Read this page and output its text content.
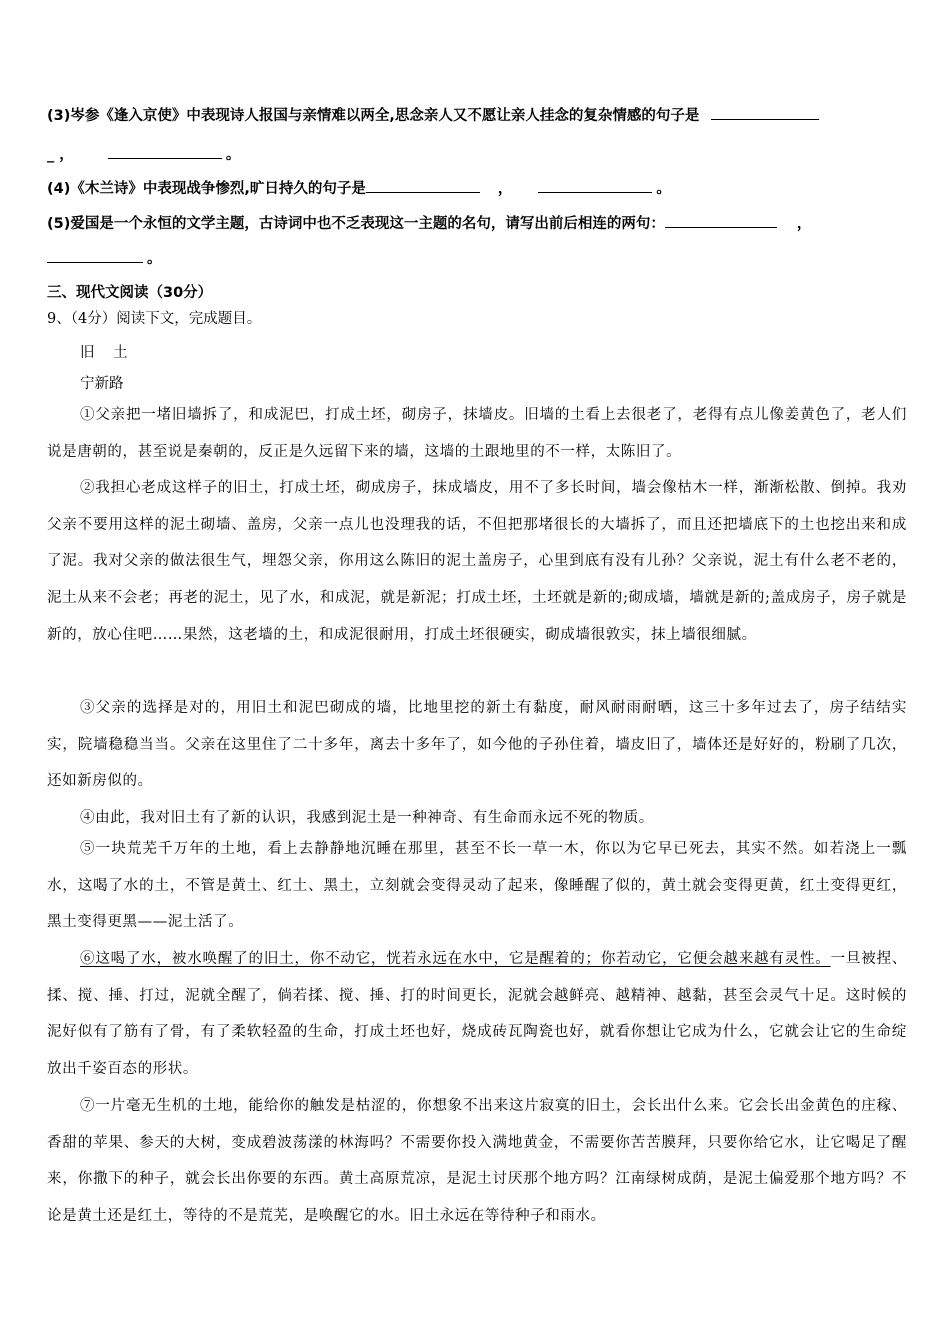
(3)岑参《逢入京使》中表现诗人报国与亲情难以两全,思念亲人又不愿让亲人挂念的复杂情感的句子是
_ ，	。
(4)《木兰诗》中表现战争惨烈,旷日持久的句子是	，	。
(5)爱国是一个永恒的文学主题，古诗词中也不乏表现这一主题的名句，请写出前后相连的两句：	，
。
三、现代文阅读（30分）
9、（4分）阅读下文，完成题目。
旧　土
宁新路

①父亲把一堵旧墙拆了，和成泥巴，打成土坯，砌房子，抹墙皮。旧墙的土看上去很老了，老得有点儿像姜黄色了，老人们说是唐朝的，甚至说是秦朝的，反正是久远留下来的墙，这墙的土跟地里的不一样，太陈旧了。

②我担心老成这样子的旧土，打成土坯，砌成房子，抹成墙皮，用不了多长时间，墙会像枯木一样，渐渐松散、倒掉。我劝父亲不要用这样的泥土砌墙、盖房，父亲一点儿也没理我的话，不但把那堵很长的大墙拆了，而且还把墙底下的土也挖出来和成了泥。我对父亲的做法很生气，埋怨父亲，你用这么陈旧的泥土盖房子，心里到底有没有儿孙？父亲说，泥土有什么老不老的，泥土从来不会老；再老的泥土，见了水，和成泥，就是新泥；打成土坯，土坯就是新的;砌成墙，墙就是新的;盖成房子，房子就是新的，放心住吧……果然，这老墙的土，和成泥很耐用，打成土坯很硬实，砌成墙很敦实，抹上墙很细腻。

③父亲的选择是对的，用旧土和泥巴砌成的墙，比地里挖的新土有黏度，耐风耐雨耐晒，这三十多年过去了，房子结结实实，院墙稳稳当当。父亲在这里住了二十多年，离去十多年了，如今他的子孙住着，墙皮旧了，墙体还是好好的，粉刷了几次，还如新房似的。

④由此，我对旧土有了新的认识，我感到泥土是一种神奇、有生命而永远不死的物质。

⑤一块荒芜千万年的土地，看上去静静地沉睡在那里，甚至不长一草一木，你以为它早已死去，其实不然。如若浇上一瓢水，这喝了水的土，不管是黄土、红土、黑土，立刻就会变得灵动了起来，像睡醒了似的，黄土就会变得更黄，红土变得更红，黑土变得更黑——泥土活了。

⑥这喝了水，被水唤醒了的旧土，你不动它，恍若永远在水中，它是醒着的；你若动它，它便会越来越有灵性。一旦被捏、揉、搅、捶、打过，泥就全醒了，倘若揉、搅、捶、打的时间更长，泥就会越鲜亮、越精神、越黏，甚至会灵气十足。这时候的泥好似有了筋有了骨，有了柔软轻盈的生命，打成土坯也好，烧成砖瓦陶瓷也好，就看你想让它成为什么，它就会让它的生命绽放出千姿百态的形状。

⑦一片毫无生机的土地，能给你的触发是枯涩的，你想象不出来这片寂寞的旧土，会长出什么来。它会长出金黄色的庄稼、香甜的苹果、参天的大树，变成碧波荡漾的林海吗？不需要你投入满地黄金，不需要你苦苦膜拜，只要你给它水，让它喝足了醒来，你撒下的种子，就会长出你要的东西。黄土高原荒凉，是泥土讨厌那个地方吗？江南绿树成荫，是泥土偏爱那个地方吗？不论是黄土还是红土，等待的不是荒芜，是唤醒它的水。旧土永远在等待种子和雨水。
